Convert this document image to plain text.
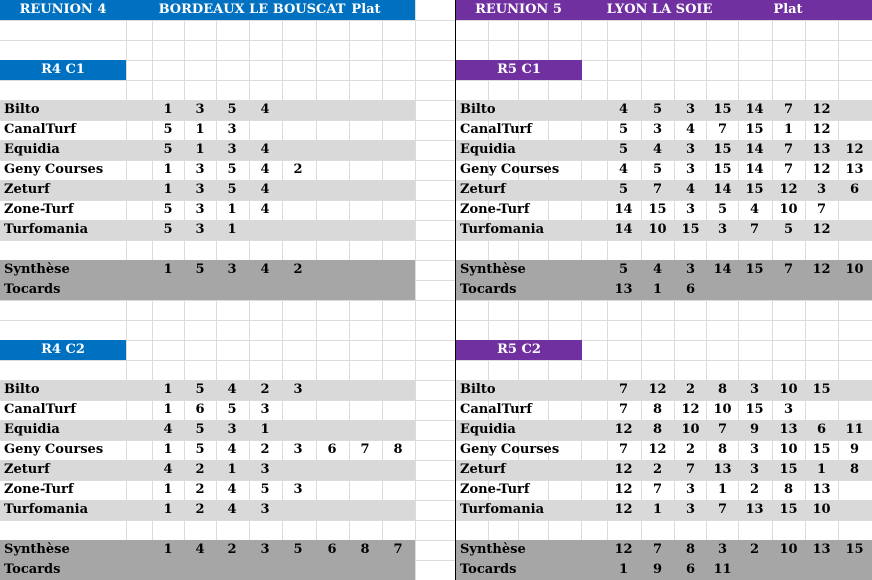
REUNION 4	BORDEAUX LE BOUSCAT Plat
R4 C1
Bilto	1	3	5	4
CanalTurf	5	1	3
Equidia	5	1	3	4
Geny Courses	1	3	5	4	2
Zeturf	1	3	5	4
Zone-Turf	5	3	1	4
Turfomania	5	3	1
Synthèse	1	5	3	4	2
Tocards
R4 C2
Bilto	1	5	4	2	3
CanalTurf	1	6	5	3
Equidia	4	5	3	1
Geny Courses	1	5	4	2	3	6	7	8
Zeturf	4	2	1	3
Zone-Turf	1	2	4	5	3
Turfomania	1	2	4	3
Synthèse	1	4	2	3	5	6	8	7
Tocards
REUNION 5	LYON LA SOIE	Plat
R5 C1
Bilto	4	5	3	15	14	7	12
CanalTurf	5	3	4	7	15	1	12
Equidia	5	4	3	15	14	7	13	12
Geny Courses	4	5	3	15	14	7	12	13
Zeturf	5	7	4	14	15	12	3	6
Zone-Turf	14	15	3	5	4	10	7
Turfomania	14	10	15	3	7	5	12
Synthèse	5	4	3	14	15	7	12	10
Tocards	13	1	6
R5 C2
Bilto	7	12	2	8	3	10	15
CanalTurf	7	8	12	10	15	3
Equidia	12	8	10	7	9	13	6	11
Geny Courses	7	12	2	8	3	10	15	9
Zeturf	12	2	7	13	3	15	1	8
Zone-Turf	12	7	3	1	2	8	13
Turfomania	12	1	3	7	13	15	10
Synthèse	12	7	8	3	2	10	13	15
Tocards	1	9	6	11
